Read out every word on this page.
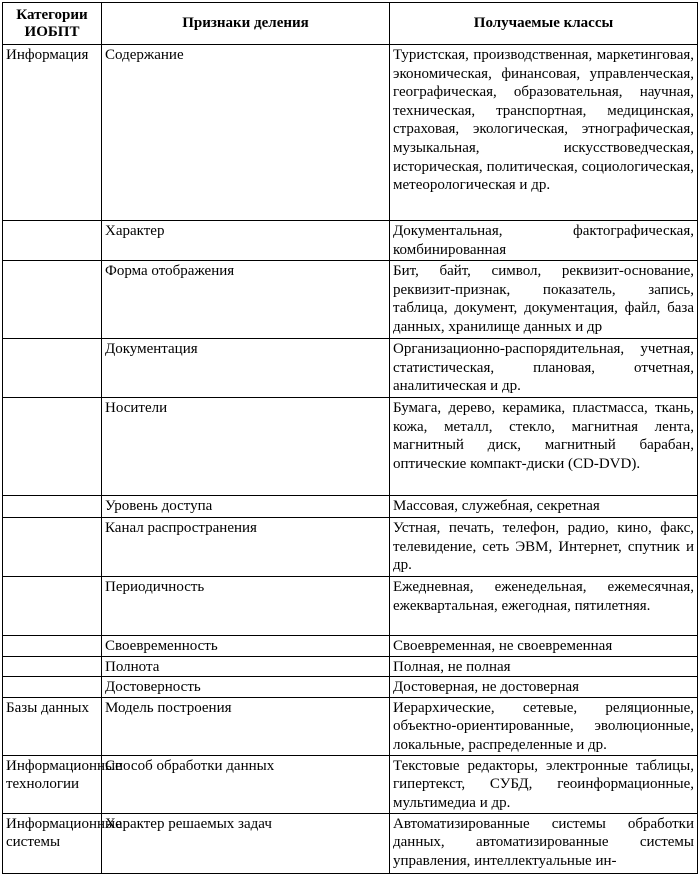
Категории ИОБПТ	Признаки деления	Получаемые классы
Информация	Содержание	Туристская, производственная, маркетинговая, экономическая, финансовая, управленческая, географическая, образовательная, научная, техническая, транспортная, медицинская, страховая, экологическая, этнографическая, музыкальная, искусствоведческая, историческая, политическая, социологическая, метеорологическая и др.
	Характер	Документальная, фактографическая, комбинированная
	Форма отображения	Бит, байт, символ, реквизит-основание, реквизит-признак, показатель, запись, таблица, документ, документация, файл, база данных, хранилище данных и др
	Документация	Организационно-распорядительная, учетная, статистическая, плановая, отчетная, аналитическая и др.
	Носители	Бумага, дерево, керамика, пластмасса, ткань, кожа, металл, стекло, магнитная лента, магнитный диск, магнитный барабан, оптические компакт-диски (CD-DVD).
	Уровень доступа	Массовая, служебная, секретная
	Канал распространения	Устная, печать, телефон, радио, кино, факс, телевидение, сеть ЭВМ, Интернет, спутник и др.
	Периодичность	Ежедневная, еженедельная, ежемесячная, ежеквартальная, ежегодная, пятилетняя.
	Своевременность	Своевременная, не своевременная
	Полнота	Полная, не полная
	Достоверность	Достоверная, не достоверная
Базы данных	Модель построения	Иерархические, сетевые, реляционные, объектно-ориентированные, эволюционные, локальные, распределенные и др.
Информационные технологии	Способ обработки данных	Текстовые редакторы, электронные таблицы, гипертекст, СУБД, геоинформационные, мультимедиа и др.
Информационные системы	Характер решаемых задач	Автоматизированные системы обработки данных, автоматизированные системы управления, интеллектуальные ин-
